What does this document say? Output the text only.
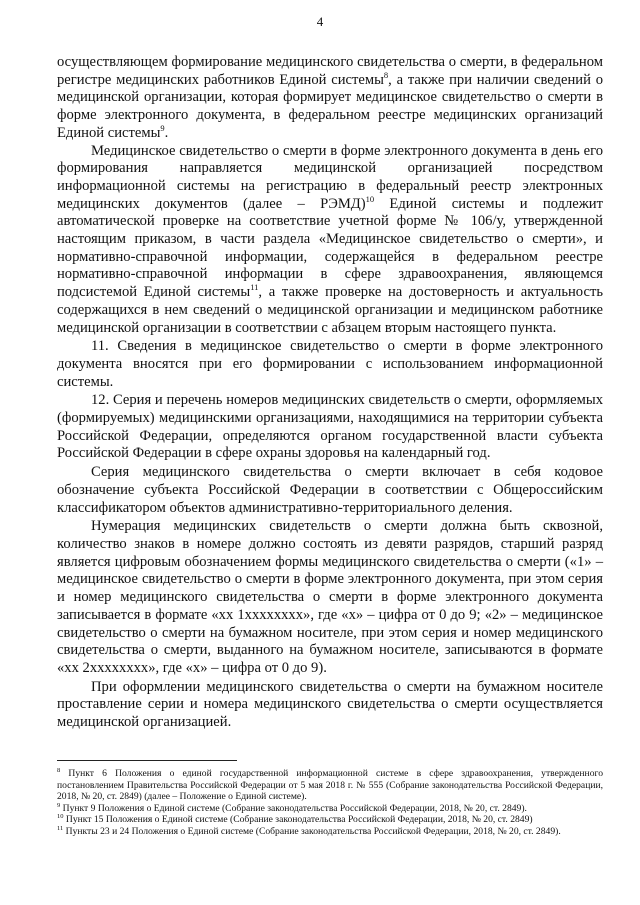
4

осуществляющем формирование медицинского свидетельства о смерти, в федеральном регистре медицинских работников Единой системы$^8$, а также при наличии сведений о медицинской организации, которая формирует медицинское свидетельство о смерти в форме электронного документа, в федеральном реестре медицинских организаций Единой системы$^9$.

Медицинское свидетельство о смерти в форме электронного документа в день его формирования направляется медицинской организацией посредством информационной системы на регистрацию в федеральный реестр электронных медицинских документов (далее – РЭМД)$^{10}$ Единой системы и подлежит автоматической проверке на соответствие учетной форме № 106/у, утвержденной настоящим приказом, в части раздела «Медицинское свидетельство о смерти», и нормативно-справочной информации, содержащейся в федеральном реестре нормативно-справочной информации в сфере здравоохранения, являющемся подсистемой Единой системы$^{11}$, а также проверке на достоверность и актуальность содержащихся в нем сведений о медицинской организации и медицинском работнике медицинской организации в соответствии с абзацем вторым настоящего пункта.

11. Сведения в медицинское свидетельство о смерти в форме электронного документа вносятся при его формировании с использованием информационной системы.

12. Серия и перечень номеров медицинских свидетельств о смерти, оформляемых (формируемых) медицинскими организациями, находящимися на территории субъекта Российской Федерации, определяются органом государственной власти субъекта Российской Федерации в сфере охраны здоровья на календарный год.

Серия медицинского свидетельства о смерти включает в себя кодовое обозначение субъекта Российской Федерации в соответствии с Общероссийским классификатором объектов административно-территориального деления.

Нумерация медицинских свидетельств о смерти должна быть сквозной, количество знаков в номере должно состоять из девяти разрядов, старший разряд является цифровым обозначением формы медицинского свидетельства о смерти («1» – медицинское свидетельство о смерти в форме электронного документа, при этом серия и номер медицинского свидетельства о смерти в форме электронного документа записывается в формате «хх 1хххххххх», где «х» – цифра от 0 до 9; «2» – медицинское свидетельство о смерти на бумажном носителе, при этом серия и номер медицинского свидетельства о смерти, выданного на бумажном носителе, записываются в формате «хх 2хххххххх», где «х» – цифра от 0 до 9).

При оформлении медицинского свидетельства о смерти на бумажном носителе проставление серии и номера медицинского свидетельства о смерти осуществляется медицинской организацией.

$^8$ Пункт 6 Положения о единой государственной информационной системе в сфере здравоохранения, утвержденного постановлением Правительства Российской Федерации от 5 мая 2018 г. № 555 (Собрание законодательства Российской Федерации, 2018, № 20, ст. 2849) (далее – Положение о Единой системе).

$^9$ Пункт 9 Положения о Единой системе (Собрание законодательства Российской Федерации, 2018, № 20, ст. 2849).

$^{10}$ Пункт 15 Положения о Единой системе (Собрание законодательства Российской Федерации, 2018, № 20, ст. 2849)

$^{11}$ Пункты 23 и 24 Положения о Единой системе (Собрание законодательства Российской Федерации, 2018, № 20, ст. 2849).
